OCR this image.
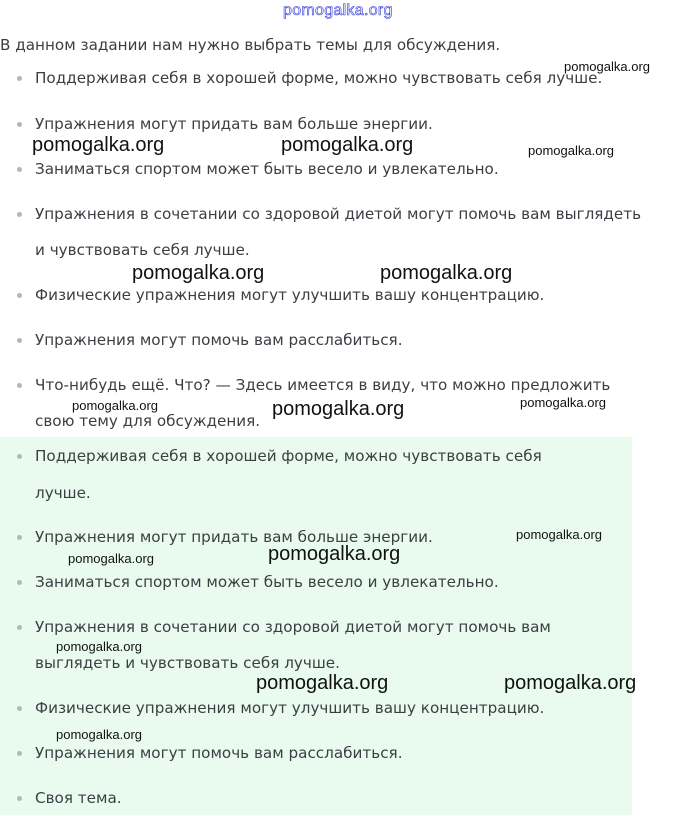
pomogalka.org
В данном задании нам нужно выбрать темы для обсуждения.
Поддерживая себя в хорошей форме, можно чувствовать себя лучше.
Упражнения могут придать вам больше энергии.
Заниматься спортом может быть весело и увлекательно.
Упражнения в сочетании со здоровой диетой могут помочь вам выглядеть
и чувствовать себя лучше.
Физические упражнения могут улучшить вашу концентрацию.
Упражнения могут помочь вам расслабиться.
Что-нибудь ещё. Что? — Здесь имеется в виду, что можно предложить
свою тему для обсуждения.
Поддерживая себя в хорошей форме, можно чувствовать себя
лучше.
Упражнения могут придать вам больше энергии.
Заниматься спортом может быть весело и увлекательно.
Упражнения в сочетании со здоровой диетой могут помочь вам
выглядеть и чувствовать себя лучше.
Физические упражнения могут улучшить вашу концентрацию.
Упражнения могут помочь вам расслабиться.
Своя тема.
pomogalka.org
pomogalka.org	pomogalka.org	pomogalka.org
pomogalka.org	pomogalka.org
pomogalka.org	pomogalka.org	pomogalka.org
pomogalka.org
pomogalka.org	pomogalka.org
pomogalka.org
pomogalka.org	pomogalka.org
pomogalka.org
